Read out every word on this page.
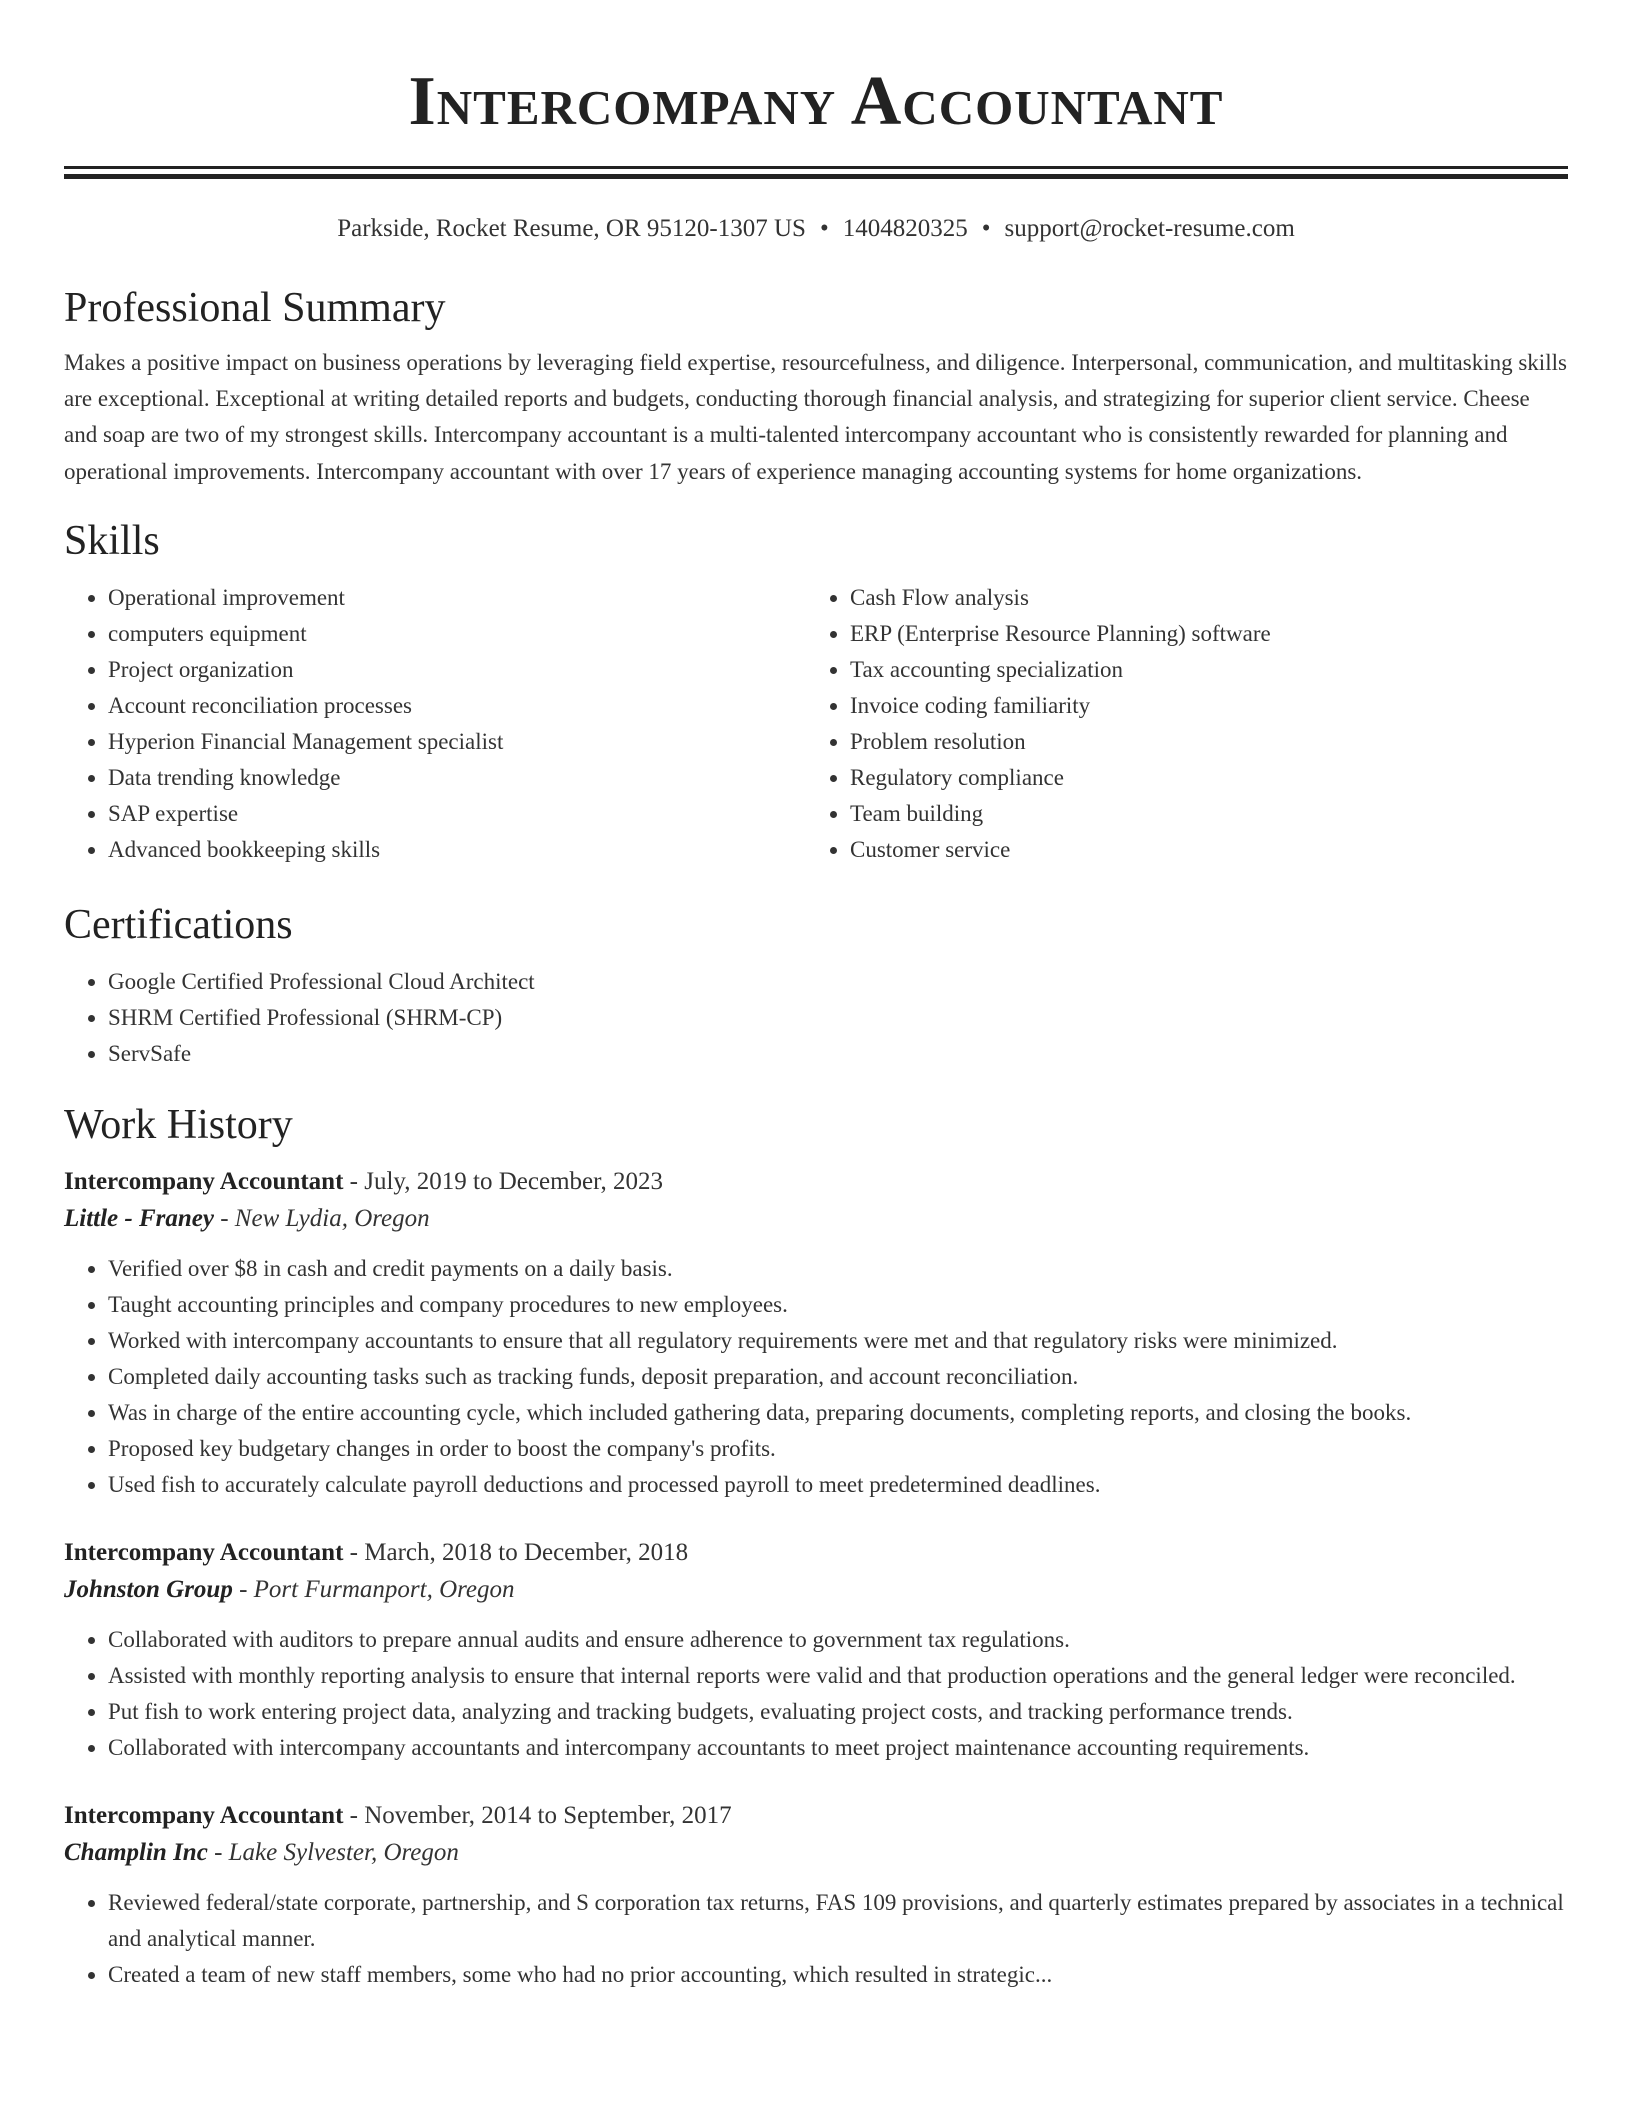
Intercompany Accountant
Parkside, Rocket Resume, OR 95120-1307 US • 1404820325 • support@rocket-resume.com
Professional Summary

Makes a positive impact on business operations by leveraging field expertise, resourcefulness, and diligence. Interpersonal, communication, and multitasking skills are exceptional. Exceptional at writing detailed reports and budgets, conducting thorough financial analysis, and strategizing for superior client service. Cheese and soap are two of my strongest skills. Intercompany accountant is a multi-talented intercompany accountant who is consistently rewarded for planning and operational improvements. Intercompany accountant with over 17 years of experience managing accounting systems for home organizations.

Skills
• Operational improvement
• computers equipment
• Project organization
• Account reconciliation processes
• Hyperion Financial Management specialist
• Data trending knowledge
• SAP expertise
• Advanced bookkeeping skills
• Cash Flow analysis
• ERP (Enterprise Resource Planning) software
• Tax accounting specialization
• Invoice coding familiarity
• Problem resolution
• Regulatory compliance
• Team building
• Customer service
Certifications
• Google Certified Professional Cloud Architect
• SHRM Certified Professional (SHRM-CP)
• ServSafe
Work History
Intercompany Accountant - July, 2019 to December, 2023
Little - Franey - New Lydia, Oregon
• Verified over $8 in cash and credit payments on a daily basis.
• Taught accounting principles and company procedures to new employees.
• Worked with intercompany accountants to ensure that all regulatory requirements were met and that regulatory risks were minimized.
• Completed daily accounting tasks such as tracking funds, deposit preparation, and account reconciliation.
• Was in charge of the entire accounting cycle, which included gathering data, preparing documents, completing reports, and closing the books.
• Proposed key budgetary changes in order to boost the company's profits.
• Used fish to accurately calculate payroll deductions and processed payroll to meet predetermined deadlines.
Intercompany Accountant - March, 2018 to December, 2018
Johnston Group - Port Furmanport, Oregon
• Collaborated with auditors to prepare annual audits and ensure adherence to government tax regulations.
• Assisted with monthly reporting analysis to ensure that internal reports were valid and that production operations and the general ledger were reconciled.
• Put fish to work entering project data, analyzing and tracking budgets, evaluating project costs, and tracking performance trends.
• Collaborated with intercompany accountants and intercompany accountants to meet project maintenance accounting requirements.
Intercompany Accountant - November, 2014 to September, 2017
Champlin Inc - Lake Sylvester, Oregon
• Reviewed federal/state corporate, partnership, and S corporation tax returns, FAS 109 provisions, and quarterly estimates prepared by associates in a technical and analytical manner.
• Created a team of new staff members, some who had no prior accounting, which resulted in strategic...
